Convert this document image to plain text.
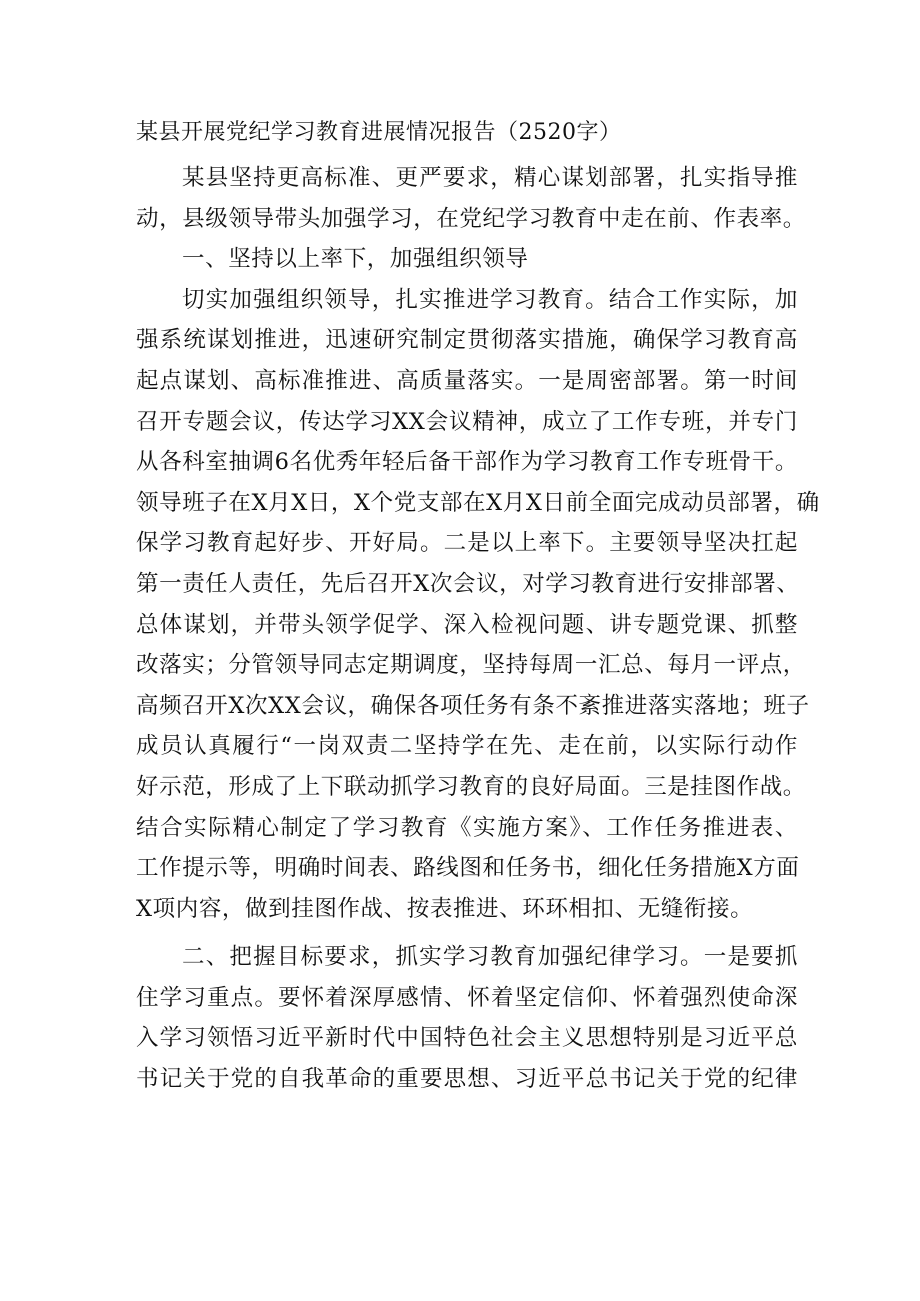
某县开展党纪学习教育进展情况报告（2520字）
某县坚持更高标准、更严要求，精心谋划部署，扎实指导推
动，县级领导带头加强学习，在党纪学习教育中走在前、作表率。
一、坚持以上率下，加强组织领导
切实加强组织领导，扎实推进学习教育。结合工作实际，加
强系统谋划推进，迅速研究制定贯彻落实措施，确保学习教育高
起点谋划、高标准推进、高质量落实。一是周密部署。第一时间
召开专题会议，传达学习XX会议精神，成立了工作专班，并专门
从各科室抽调6名优秀年轻后备干部作为学习教育工作专班骨干。
领导班子在X月X日，X个党支部在X月X日前全面完成动员部署，确
保学习教育起好步、开好局。二是以上率下。主要领导坚决扛起
第一责任人责任，先后召开X次会议，对学习教育进行安排部署、
总体谋划，并带头领学促学、深入检视问题、讲专题党课、抓整
改落实；分管领导同志定期调度，坚持每周一汇总、每月一评点，
高频召开X次XX会议，确保各项任务有条不紊推进落实落地；班子
成员认真履行“一岗双责二坚持学在先、走在前，以实际行动作
好示范，形成了上下联动抓学习教育的良好局面。三是挂图作战。
结合实际精心制定了学习教育《实施方案》、工作任务推进表、
工作提示等，明确时间表、路线图和任务书，细化任务措施X方面
X项内容，做到挂图作战、按表推进、环环相扣、无缝衔接。
二、把握目标要求，抓实学习教育加强纪律学习。一是要抓
住学习重点。要怀着深厚感情、怀着坚定信仰、怀着强烈使命深
入学习领悟习近平新时代中国特色社会主义思想特别是习近平总
书记关于党的自我革命的重要思想、习近平总书记关于党的纪律
